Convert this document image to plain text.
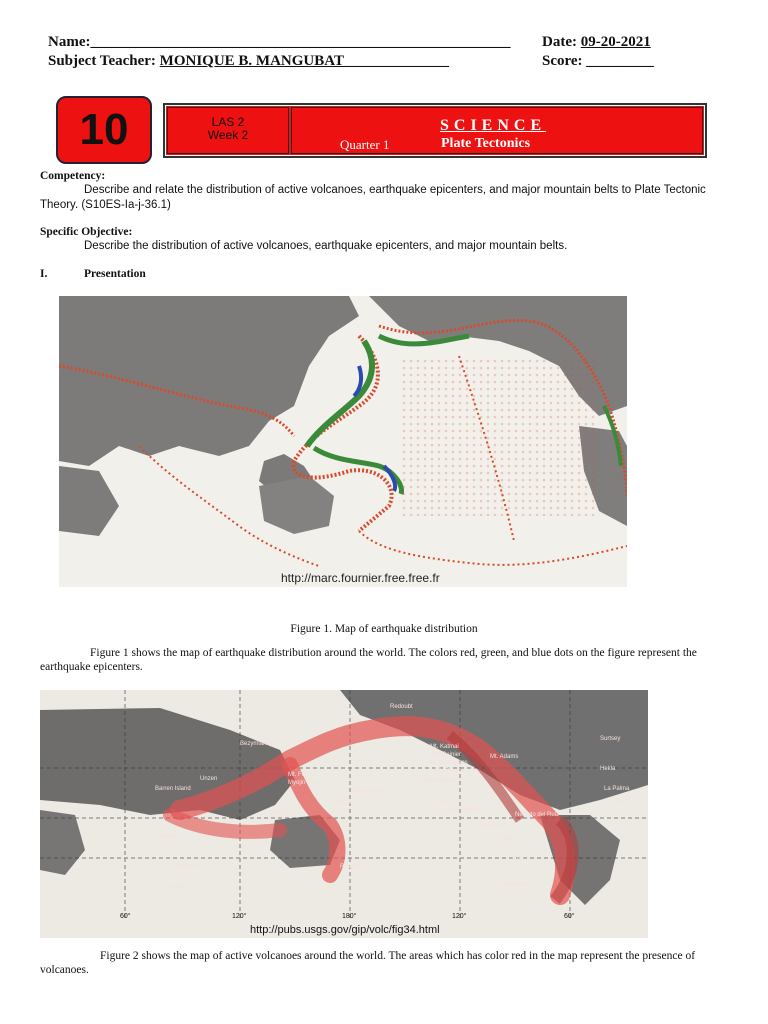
Name:________________________________________________________ Date: 09-20-2021
Subject Teacher: MONIQUE B. MANGUBAT______________	Score: _________
10	LAS 2
Week 2
SCIENCE
Quarter 1	Plate Tectonics
Competency:
Describe and relate the distribution of active volcanoes, earthquake epicenters, and major mountain belts to Plate Tectonic Theory. (S10ES-Ia-j-36.1)
Specific Objective:
Describe the distribution of active volcanoes, earthquake epicenters, and major mountain belts.
I.	Presentation
http://marc.fournier.free.free.fr
Figure 1. Map of earthquake distribution
Figure 1 shows the map of earthquake distribution around the world. The colors red, green, and blue dots on the figure represent the earthquake epicenters.
Redoubt
Bezymianny	Mt. Katmai
Mt. Rainier
Mt. St. Helens
Mt. Shasta
Lassen Peak
Unzen
Mt. Fuji
Myojin-sho
Barren Island	Mauna Loa
Kilauea
Ulawun
Krakatau
Tambora
Paricutin
Cerro Negro
Nevado del Ruiz
Cotopaxi
El Misti
Azul
Ruapehu
Heard	Deception
Mt. Adams
La Palma
Fogo
Surtsey
Hekla
60°	120°	180°	120°	60°
http://pubs.usgs.gov/gip/volc/fig34.html
Figure 2 shows the map of active volcanoes around the world. The areas which has color red in the map represent the presence of volcanoes.
